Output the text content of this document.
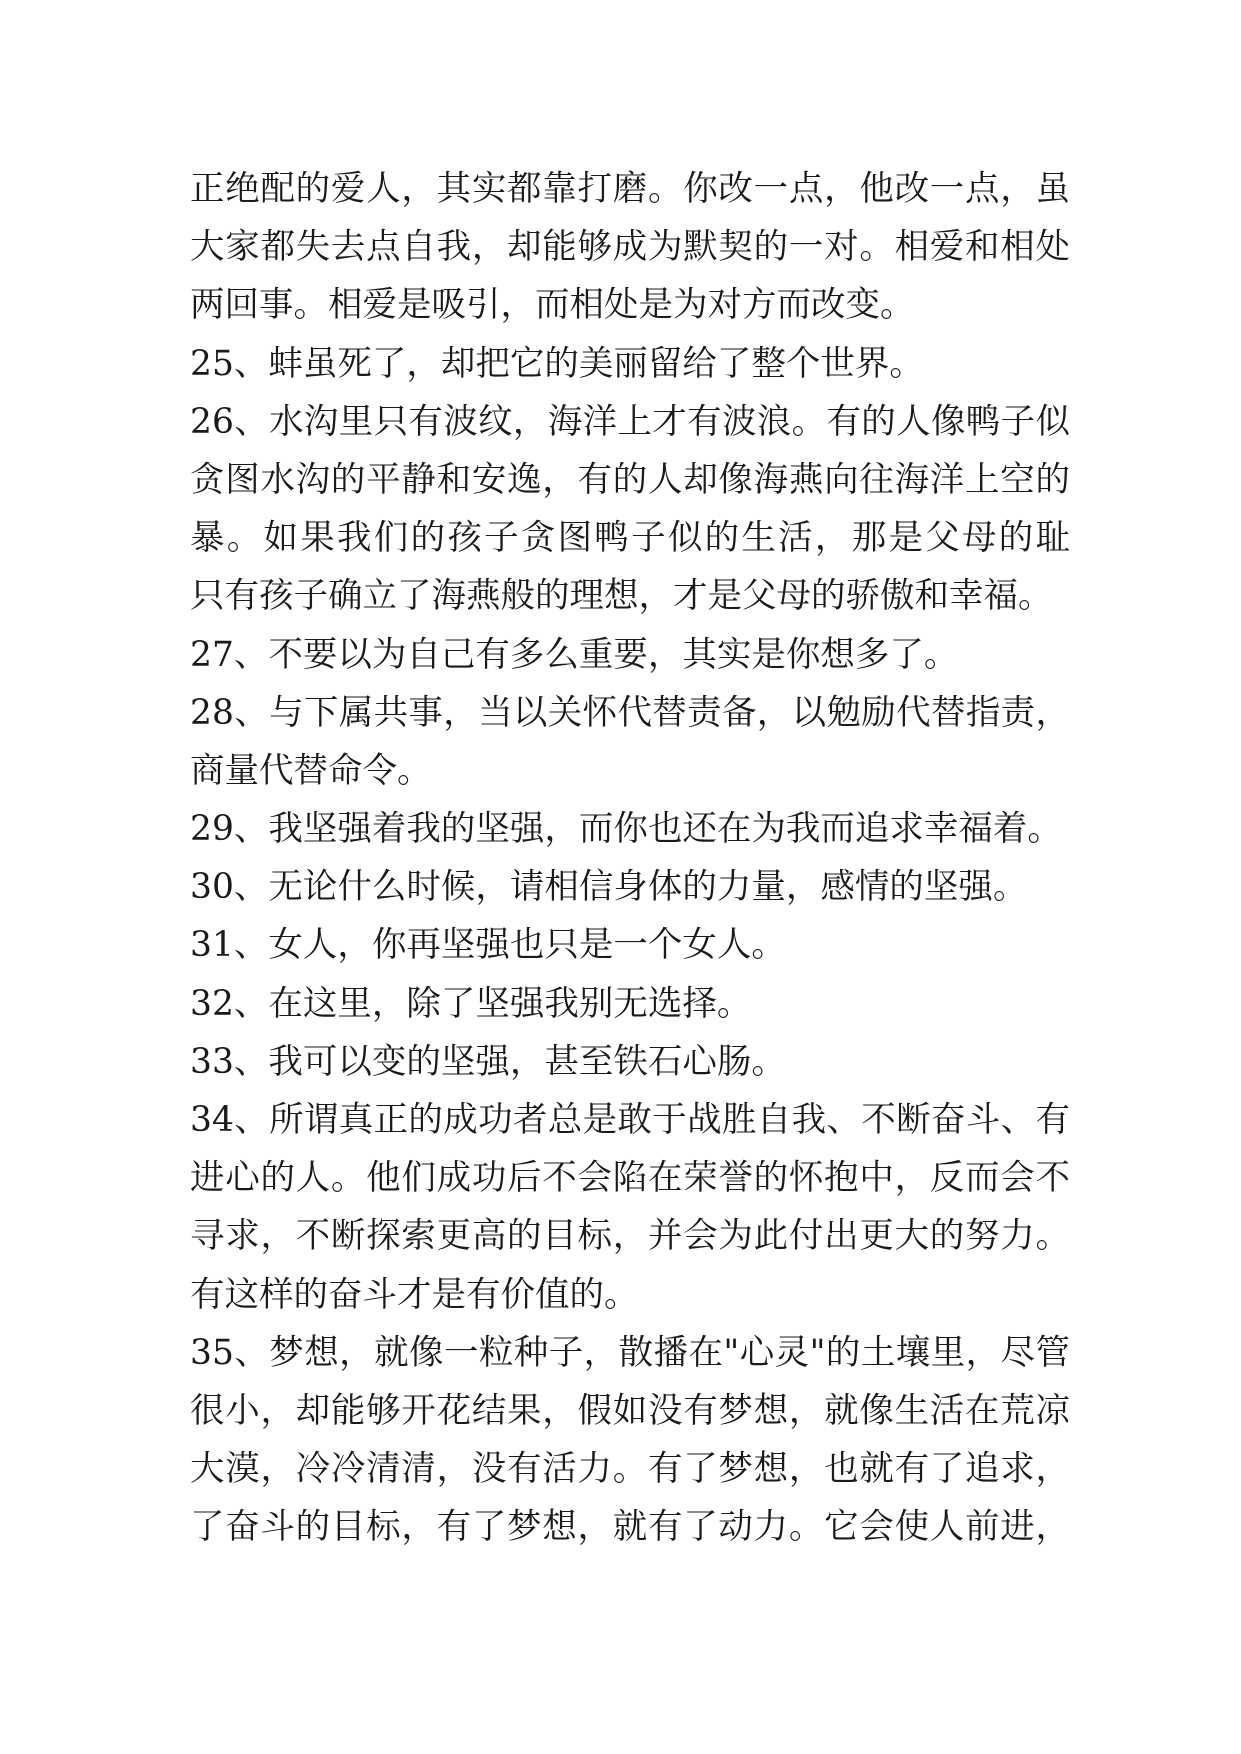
正绝配的爱人，其实都靠打磨。你改一点，他改一点，虽
大家都失去点自我，却能够成为默契的一对。相爱和相处
两回事。相爱是吸引，而相处是为对方而改变。
25、蚌虽死了，却把它的美丽留给了整个世界。
26、水沟里只有波纹，海洋上才有波浪。有的人像鸭子似
贪图水沟的平静和安逸，有的人却像海燕向往海洋上空的
暴。如果我们的孩子贪图鸭子似的生活，那是父母的耻
只有孩子确立了海燕般的理想，才是父母的骄傲和幸福。
27、不要以为自己有多么重要，其实是你想多了。
28、与下属共事，当以关怀代替责备，以勉励代替指责，
商量代替命令。
29、我坚强着我的坚强，而你也还在为我而追求幸福着。
30、无论什么时候，请相信身体的力量，感情的坚强。
31、女人，你再坚强也只是一个女人。
32、在这里，除了坚强我别无选择。
33、我可以变的坚强，甚至铁石心肠。
34、所谓真正的成功者总是敢于战胜自我、不断奋斗、有
进心的人。他们成功后不会陷在荣誉的怀抱中，反而会不
寻求，不断探索更高的目标，并会为此付出更大的努力。
有这样的奋斗才是有价值的。
35、梦想，就像一粒种子，散播在"心灵"的土壤里，尽管
很小，却能够开花结果，假如没有梦想，就像生活在荒凉
大漠，冷冷清清，没有活力。有了梦想，也就有了追求，
了奋斗的目标，有了梦想，就有了动力。它会使人前进，
